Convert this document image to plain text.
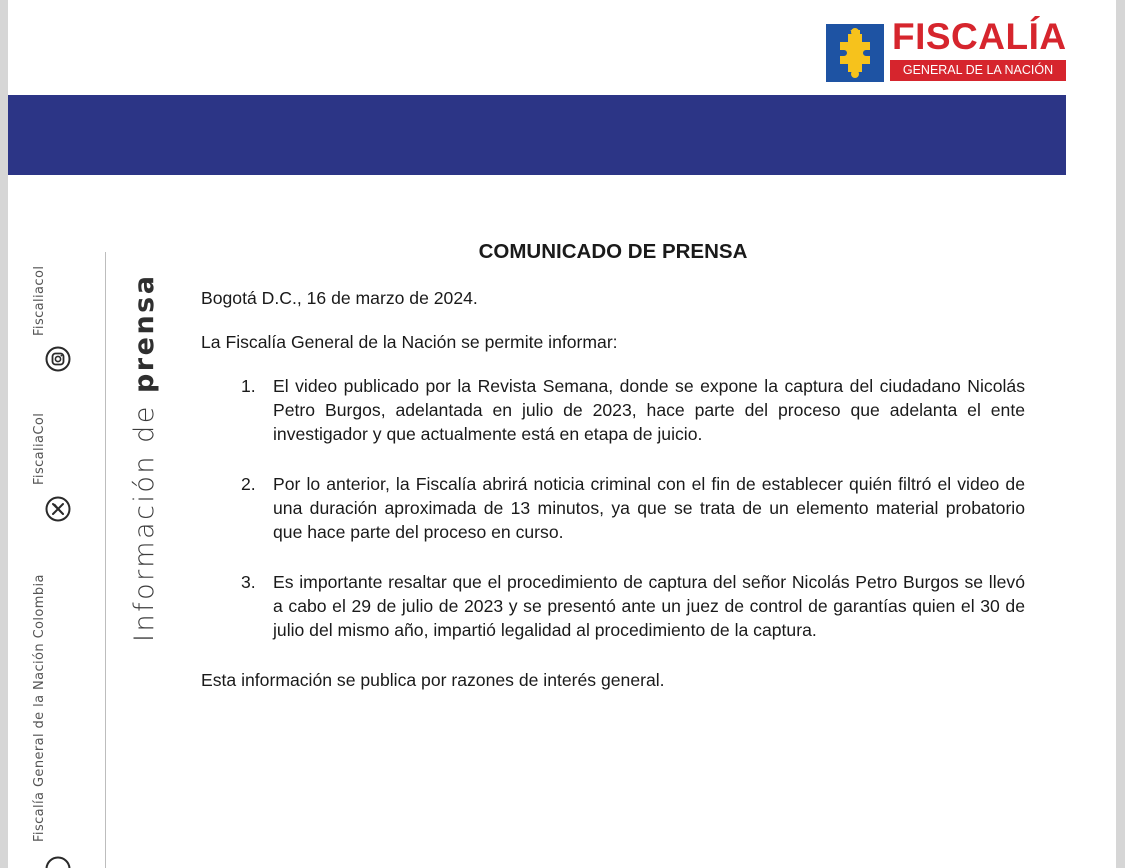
FISCALÍA
GENERAL DE LA NACIÓN
Fiscaliacol
FiscaliaCol
Fiscalía General de la Nación Colombia
Información de prensa
COMUNICADO DE PRENSA

Bogotá D.C., 16 de marzo de 2024.

La Fiscalía General de la Nación se permite informar:

1. El video publicado por la Revista Semana, donde se expone la captura del ciudadano Nicolás Petro Burgos, adelantada en julio de 2023, hace parte del proceso que adelanta el ente investigador y que actualmente está en etapa de juicio.
2. Por lo anterior, la Fiscalía abrirá noticia criminal con el fin de establecer quién filtró el video de una duración aproximada de 13 minutos, ya que se trata de un elemento material probatorio que hace parte del proceso en curso.
3. Es importante resaltar que el procedimiento de captura del señor Nicolás Petro Burgos se llevó a cabo el 29 de julio de 2023 y se presentó ante un juez de control de garantías quien el 30 de julio del mismo año, impartió legalidad al procedimiento de la captura.

Esta información se publica por razones de interés general.
